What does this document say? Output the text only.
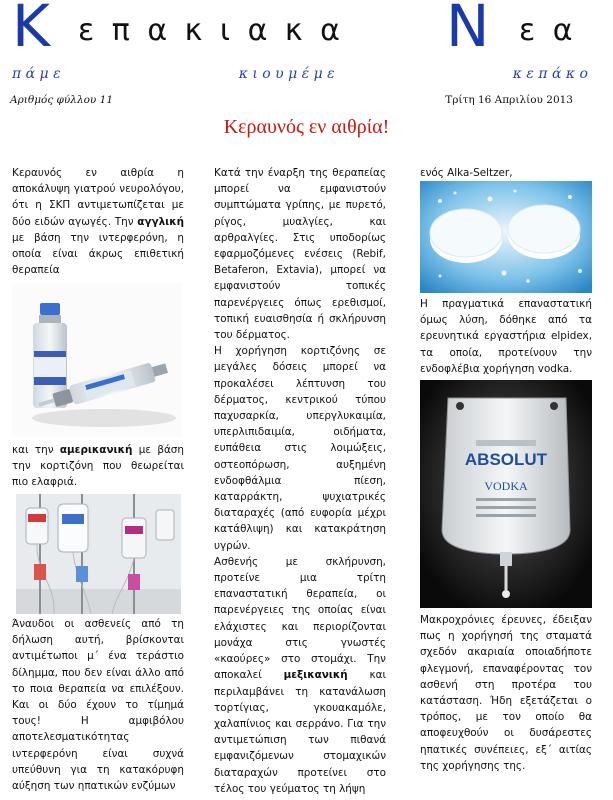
Κ ε π α κ ι α κ α Ν ε α
π ά μ ε	κ ι ο υ μ έ μ ε	κ ε π ά κ ο
Αριθμός φύλλου 11	Τρίτη 16 Απριλίου 2013
Κεραυνός εν αιθρία!

Κεραυνός εν αιθρία η αποκάλυψη γιατρού νευρολόγου, ότι η ΣΚΠ αντιμετωπίζεται με δύο ειδών αγωγές. Την αγγλική με βάση την ιντερφερόνη, η οποία είναι άκρως επιθετική θεραπεία

και την αμερικανική με βάση την κορτιζόνη που θεωρείται πιο ελαφριά.

Άναυδοι οι ασθενείς από τη δήλωση αυτή, βρίσκονται αντιμέτωποι μ΄ ένα τεράστιο δίλημμα, που δεν είναι άλλο από το ποια θεραπεία να επιλέξουν. Και οι δύο έχουν το τίμημά τους! Η αμφιβόλου αποτελεσματικότητας ιντερφερόνη είναι συχνά υπεύθυνη για τη κατακόρυφη αύξηση των ηπατικών ενζύμων

Κατά την έναρξη της θεραπείας μπορεί να εμφανιστούν συμπτώματα γρίπης, με πυρετό, ρίγος, μυαλγίες, και αρθραλγίες. Στις υποδορίως εφαρμοζόμενες ενέσεις (Rebif, Betaferon, Extavia), μπορεί να εμφανιστούν τοπικές παρενέργειες όπως ερεθισμοί, τοπική ευαισθησία ή σκλήρυνση του δέρματος.

Η χορήγηση κορτιζόνης σε μεγάλες δόσεις μπορεί να προκαλέσει λέπτυνση του δέρματος, κεντρικού τύπου παχυσαρκία, υπεργλυκαιμία, υπερλιπιδαιμία, οιδήματα, ευπάθεια στις λοιμώξεις, οστεοπόρωση, αυξημένη ενδοφθάλμια πίεση, καταρράκτη, ψυχιατρικές διαταραχές (από ευφορία μέχρι κατάθλιψη) και κατακράτηση υγρών.

Ασθενής με σκλήρυνση, προτείνε μια τρίτη επαναστατική θεραπεία, οι παρενέργειες της οποίας είναι ελάχιστες και περιορίζονται μονάχα στις γνωστές «καούρες» στο στομάχι. Την αποκαλεί μεξικανική και περιλαμβάνει τη κατανάλωση τορτίγιας, γκουακαμόλε, χαλαπίνιος και σερράνο. Για την αντιμετώπιση των πιθανά εμφανιζόμενων στομαχικών διαταραχών προτείνει στο τέλος του γεύματος τη λήψη

ενός Alka-Seltzer,

Η πραγματικά επαναστατική όμως λύση, δόθηκε από τα ερευνητικά εργαστήρια elpidex, τα οποία, προτείνουν την ενδοφλέβια χορήγηση vodka.

ABSOLUT
VODKA

Μακροχρόνιες έρευνες, έδειξαν πως η χορήγησή της σταματά σχεδόν ακαριαία οποιαδήποτε φλεγμονή, επαναφέροντας τον ασθενή στη προτέρα του κατάσταση. Ήδη εξετάζεται ο τρόπος, με τον οποίο θα αποφευχθούν οι δυσάρεστες ηπατικές συνέπειες, εξ΄ αιτίας της χορήγησης της.
